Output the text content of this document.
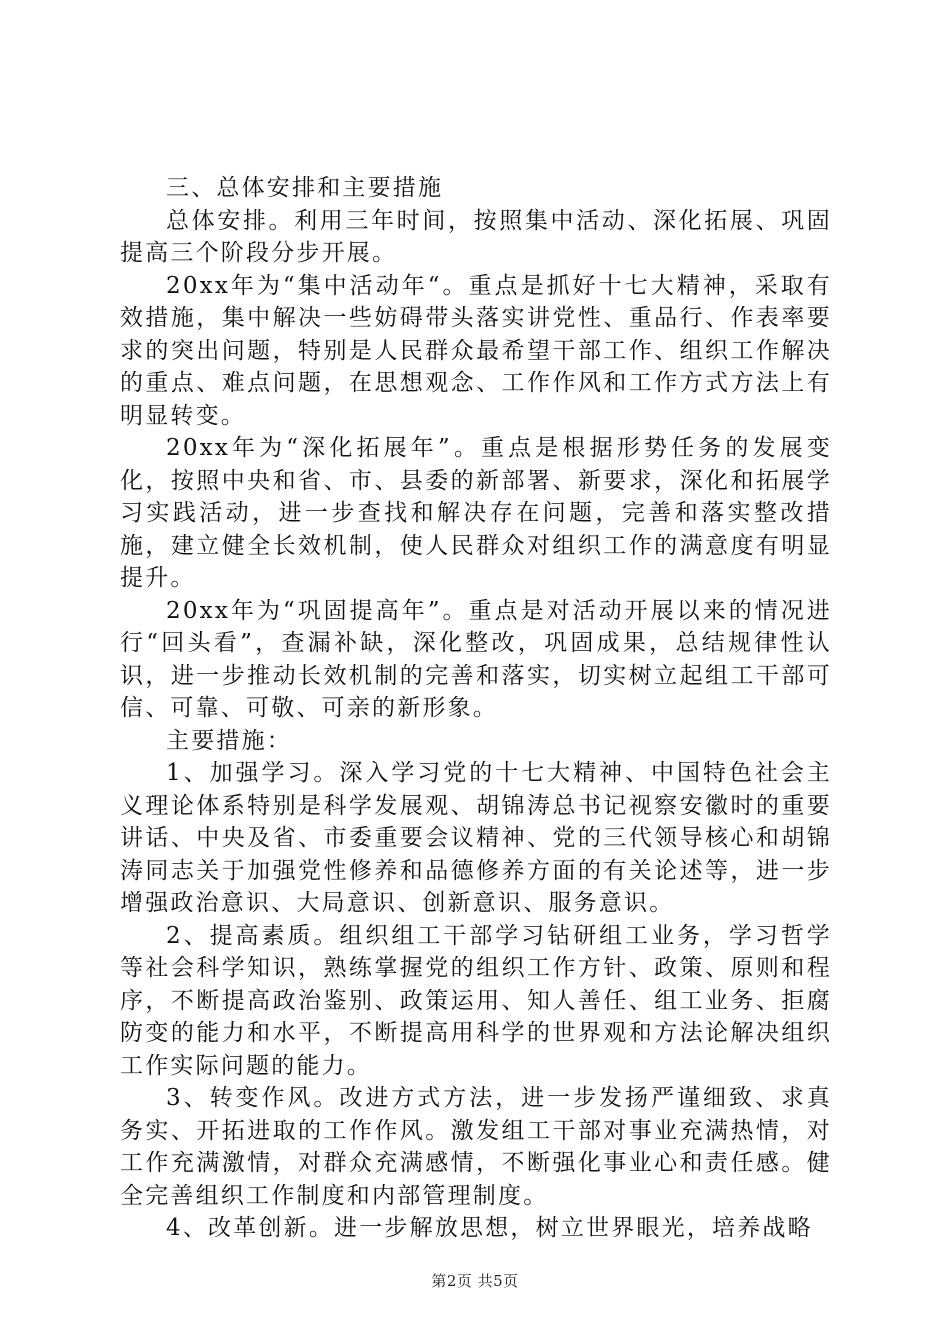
三、总体安排和主要措施

总体安排。利用三年时间，按照集中活动、深化拓展、巩固提高三个阶段分步开展。

20xx年为“集中活动年“。重点是抓好十七大精神，采取有效措施，集中解决一些妨碍带头落实讲党性、重品行、作表率要求的突出问题，特别是人民群众最希望干部工作、组织工作解决的重点、难点问题，在思想观念、工作作风和工作方式方法上有明显转变。

20xx年为“深化拓展年”。重点是根据形势任务的发展变化，按照中央和省、市、县委的新部署、新要求，深化和拓展学习实践活动，进一步查找和解决存在问题，完善和落实整改措施，建立健全长效机制，使人民群众对组织工作的满意度有明显提升。

20xx年为“巩固提高年”。重点是对活动开展以来的情况进行“回头看”，查漏补缺，深化整改，巩固成果，总结规律性认识，进一步推动长效机制的完善和落实，切实树立起组工干部可信、可靠、可敬、可亲的新形象。

主要措施：

1、加强学习。深入学习党的十七大精神、中国特色社会主义理论体系特别是科学发展观、胡锦涛总书记视察安徽时的重要讲话、中央及省、市委重要会议精神、党的三代领导核心和胡锦涛同志关于加强党性修养和品德修养方面的有关论述等，进一步增强政治意识、大局意识、创新意识、服务意识。

2、提高素质。组织组工干部学习钻研组工业务，学习哲学等社会科学知识，熟练掌握党的组织工作方针、政策、原则和程序，不断提高政治鉴别、政策运用、知人善任、组工业务、拒腐防变的能力和水平，不断提高用科学的世界观和方法论解决组织工作实际问题的能力。

3、转变作风。改进方式方法，进一步发扬严谨细致、求真务实、开拓进取的工作作风。激发组工干部对事业充满热情，对工作充满激情，对群众充满感情，不断强化事业心和责任感。健全完善组织工作制度和内部管理制度。

4、改革创新。进一步解放思想，树立世界眼光，培养战略

第2页 共5页
